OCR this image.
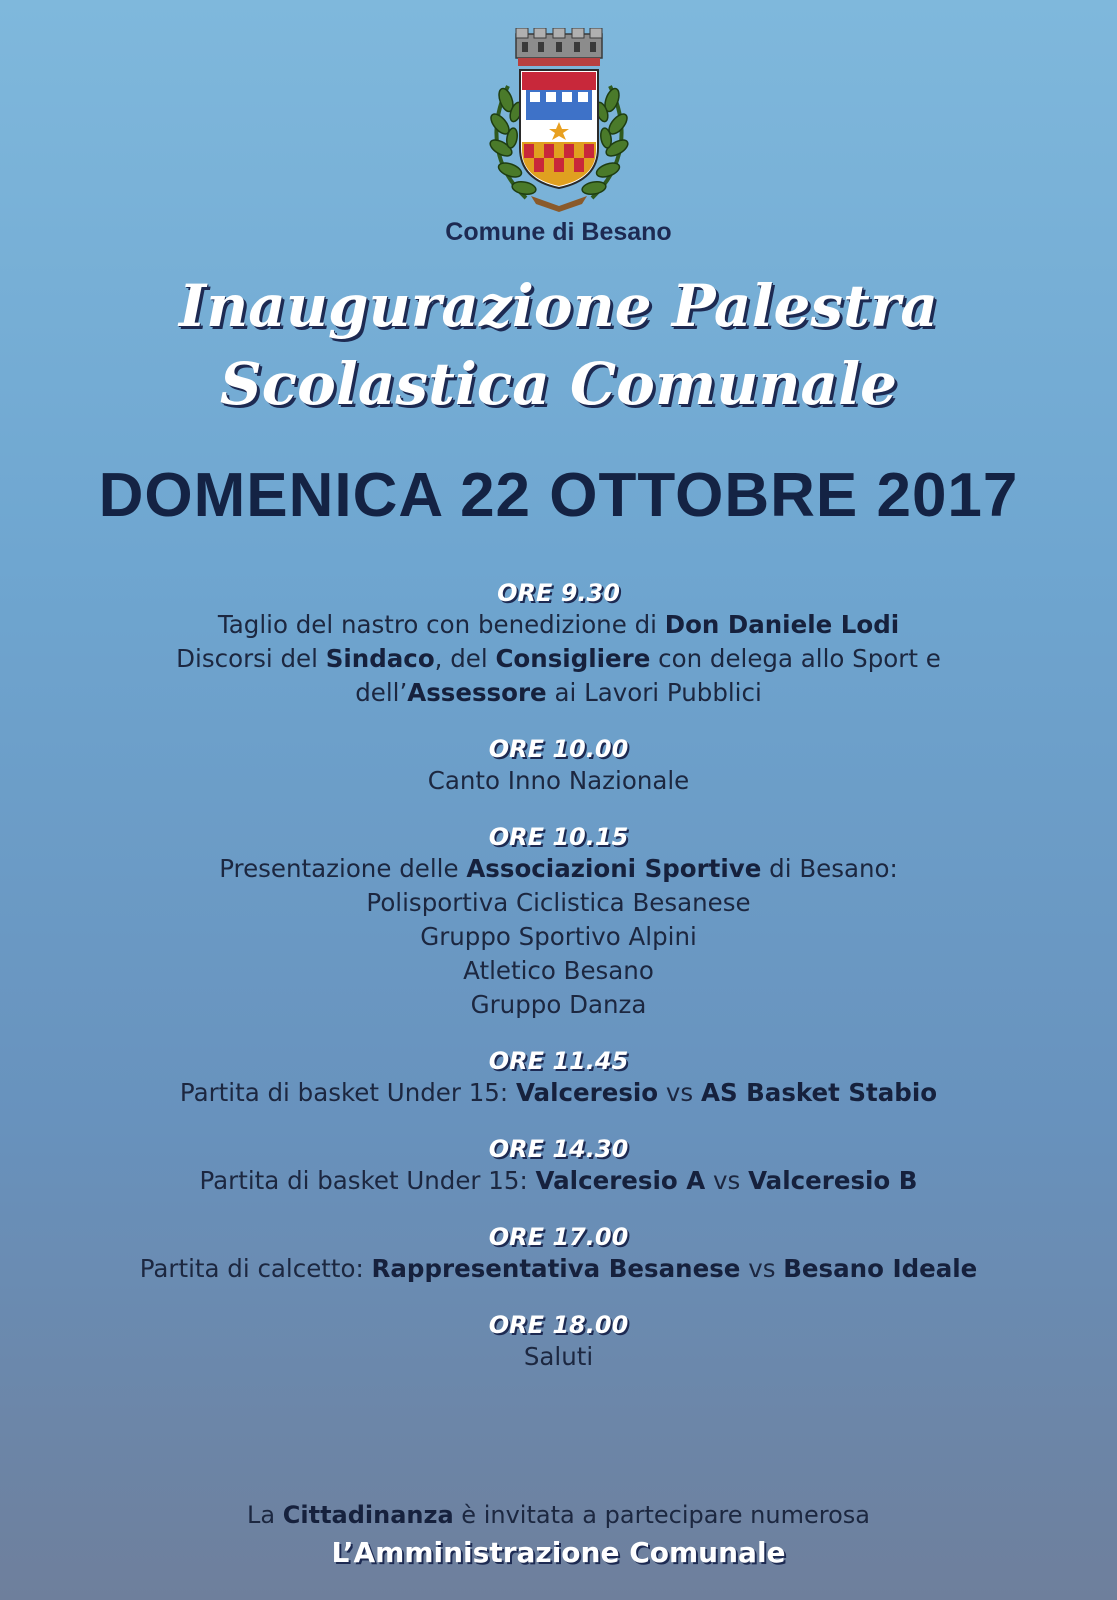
Comune di Besano
Inaugurazione Palestra
Scolastica Comunale
DOMENICA 22 OTTOBRE 2017
ORE 9.30
Taglio del nastro con benedizione di Don Daniele Lodi
Discorsi del Sindaco, del Consigliere con delega allo Sport e
dell’Assessore ai Lavori Pubblici
ORE 10.00
Canto Inno Nazionale
ORE 10.15
Presentazione delle Associazioni Sportive di Besano:
Polisportiva Ciclistica Besanese
Gruppo Sportivo Alpini
Atletico Besano
Gruppo Danza
ORE 11.45
Partita di basket Under 15: Valceresio vs AS Basket Stabio
ORE 14.30
Partita di basket Under 15: Valceresio A vs Valceresio B
ORE 17.00
Partita di calcetto: Rappresentativa Besanese vs Besano Ideale
ORE 18.00
Saluti
La Cittadinanza è invitata a partecipare numerosa
L’Amministrazione Comunale
